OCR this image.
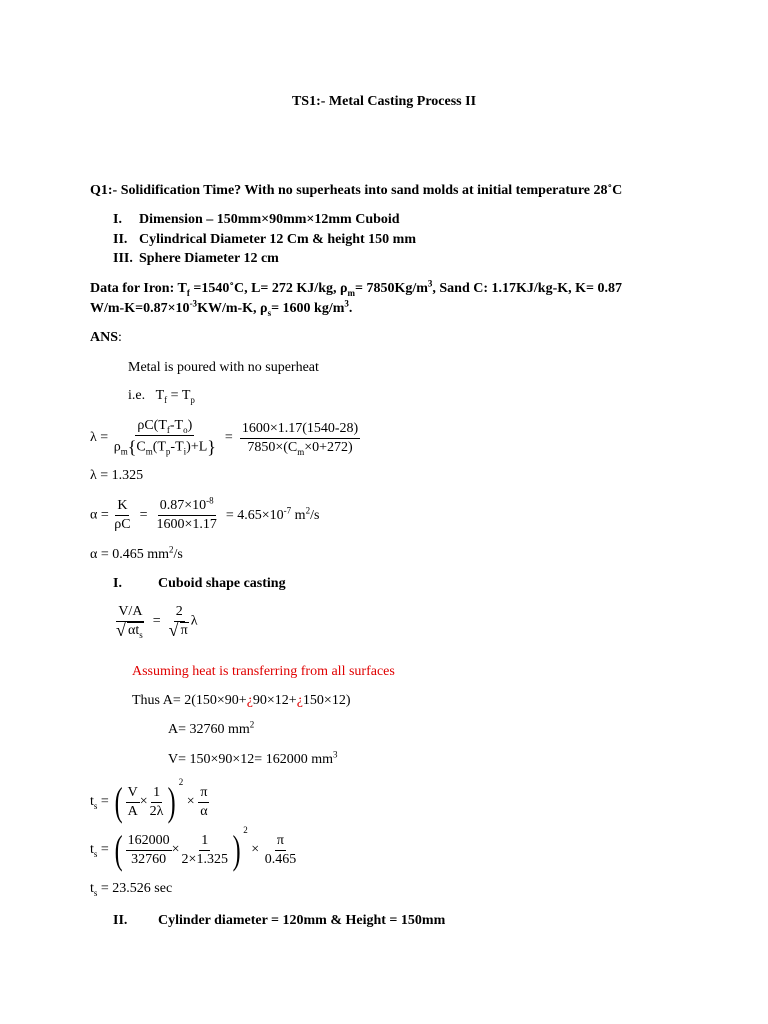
TS1:- Metal Casting Process II
Q1:- Solidification Time? With no superheats into sand molds at initial temperature 28˚C
I. Dimension – 150mm×90mm×12mm Cuboid
II. Cylindrical Diameter 12 Cm & height 150 mm
III. Sphere Diameter 12 cm
Data for Iron: $T_f$ =1540˚C, L= 272 KJ/kg, $\rho_m= 7850Kg/m^3$, Sand C: 1.17KJ/kg-K, K= 0.87
$W/m-K=0.87\times 10^{-3}KW/m-K$, $\rho_s= 1600$ $kg/m^3$.
ANS:
Metal is poured with no superheat
i.e. $T_f = T_p$
$\lambda = \frac{\rho C(T_f-T_o)}{\rho_m\{C_m(T_p-T_i)+L\}} = \frac{1600\times 1.17(1540-28)}{7850\times(C_m\times 0+272)}$
λ = 1.325
$\alpha = \frac{K}{\rho C} = \frac{0.87\times 10^{-8}}{1600\times 1.17} = 4.65\times 10^{-7}$ $m^2/s$
α = 0.465 $mm^2/s$
I.	Cuboid shape casting
V/A
√ $\alpha t_s = 2$
√ π λ
Assuming heat is transferring from all surfaces
Thus A= 2(150×90+¿90×12+¿150×12)
A= 32760 $mm^2$
V= 150×90×12= 162000 $mm^3$
$t_s$ = ( $\frac{V}{A} \times \frac{1}{2\lambda}$ ) $^2 \times \frac{\pi}{\alpha}$
$t_s$ = ( $\frac{162000}{32760} \times \frac{1}{2\times 1.325}$ ) $^2 \times \frac{\pi}{0.465}$
$t_s = 23.526$ sec
II. Cylinder diameter = 120mm & Height = 150mm
